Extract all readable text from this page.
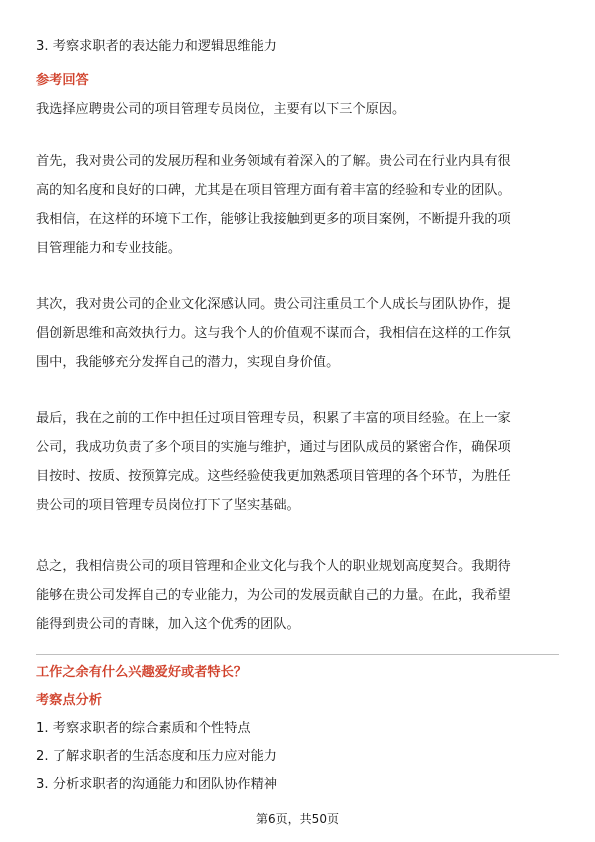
3. 考察求职者的表达能力和逻辑思维能力
参考回答
我选择应聘贵公司的项目管理专员岗位，主要有以下三个原因。
首先，我对贵公司的发展历程和业务领域有着深入的了解。贵公司在行业内具有很
高的知名度和良好的口碑，尤其是在项目管理方面有着丰富的经验和专业的团队。
我相信，在这样的环境下工作，能够让我接触到更多的项目案例，不断提升我的项
目管理能力和专业技能。
其次，我对贵公司的企业文化深感认同。贵公司注重员工个人成长与团队协作，提
倡创新思维和高效执行力。这与我个人的价值观不谋而合，我相信在这样的工作氛
围中，我能够充分发挥自己的潜力，实现自身价值。
最后，我在之前的工作中担任过项目管理专员，积累了丰富的项目经验。在上一家
公司，我成功负责了多个项目的实施与维护，通过与团队成员的紧密合作，确保项
目按时、按质、按预算完成。这些经验使我更加熟悉项目管理的各个环节，为胜任
贵公司的项目管理专员岗位打下了坚实基础。
总之，我相信贵公司的项目管理和企业文化与我个人的职业规划高度契合。我期待
能够在贵公司发挥自己的专业能力，为公司的发展贡献自己的力量。在此，我希望
能得到贵公司的青睐，加入这个优秀的团队。
工作之余有什么兴趣爱好或者特长？
考察点分析
1. 考察求职者的综合素质和个性特点
2. 了解求职者的生活态度和压力应对能力
3. 分析求职者的沟通能力和团队协作精神
第6页，共50页
